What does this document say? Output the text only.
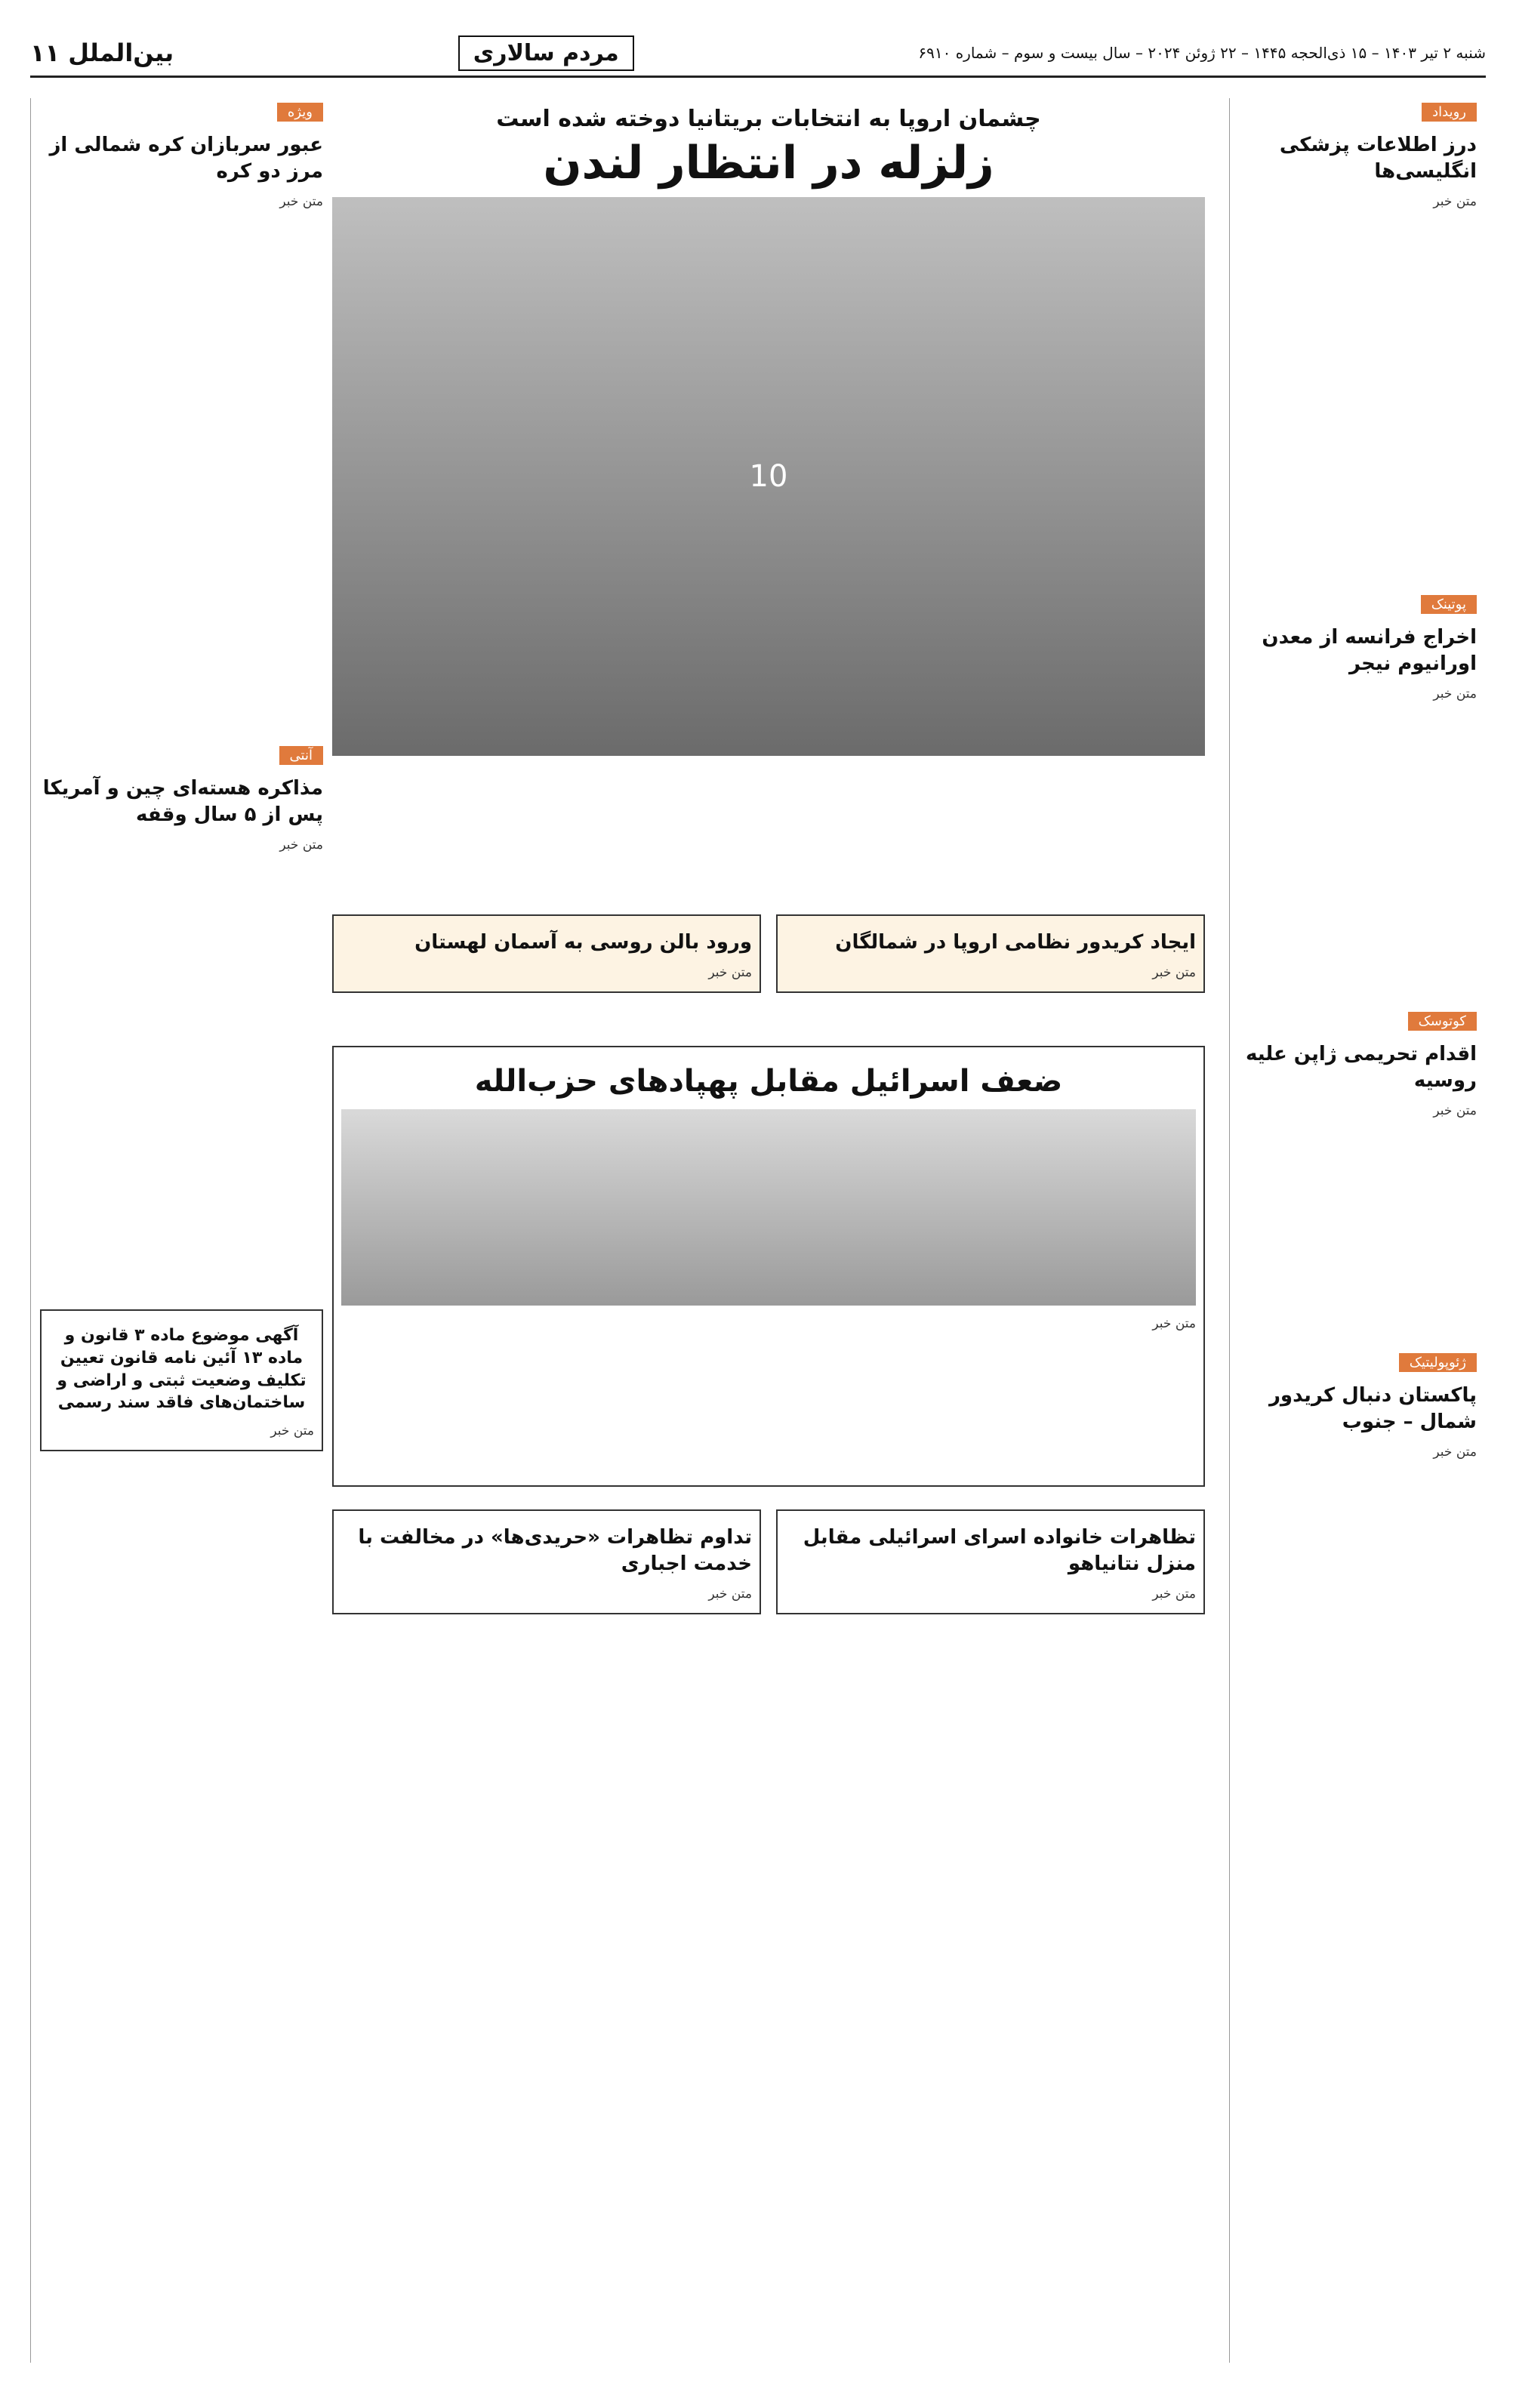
شنبه ۲ تیر ۱۴۰۳ – ۱۵ ذی‌الحجه ۱۴۴۵ – ۲۲ ژوئن ۲۰۲۴ – سال بیست و سوم – شماره ۶۹۱۰
مردم سالاری
بین‌الملل ۱۱
رویداد
درز اطلاعات پزشکی انگلیسی‌ها
متن خبر
پوتینک
اخراج فرانسه از معدن اورانیوم نیجر
متن خبر
کوتوسک
اقدام تحریمی ژاپن علیه روسیه
متن خبر
ژئوپولیتیک
پاکستان دنبال کریدور شمال – جنوب
متن خبر
چشمان اروپا به انتخابات بریتانیا دوخته شده است
زلزله در انتظار لندن
10
ایجاد کریدور نظامی اروپا در شمالگان
متن خبر
ورود بالن روسی به آسمان لهستان
متن خبر
ضعف اسرائیل مقابل پهپادهای حزب‌الله
متن خبر
تظاهرات خانواده اسرای اسرائیلی مقابل منزل نتانیاهو
متن خبر
تداوم تظاهرات «حریدی‌ها» در مخالفت با خدمت اجباری
متن خبر
ویژه
عبور سربازان کره شمالی از مرز دو کره
متن خبر
آنتی
مذاکره هسته‌ای چین و آمریکا پس از ۵ سال وقفه
متن خبر
آگهی موضوع ماده ۳ قانون و ماده ۱۳ آئین نامه قانون تعیین تکلیف وضعیت ثبتی و اراضی و ساختمان‌های فاقد سند رسمی
متن خبر
